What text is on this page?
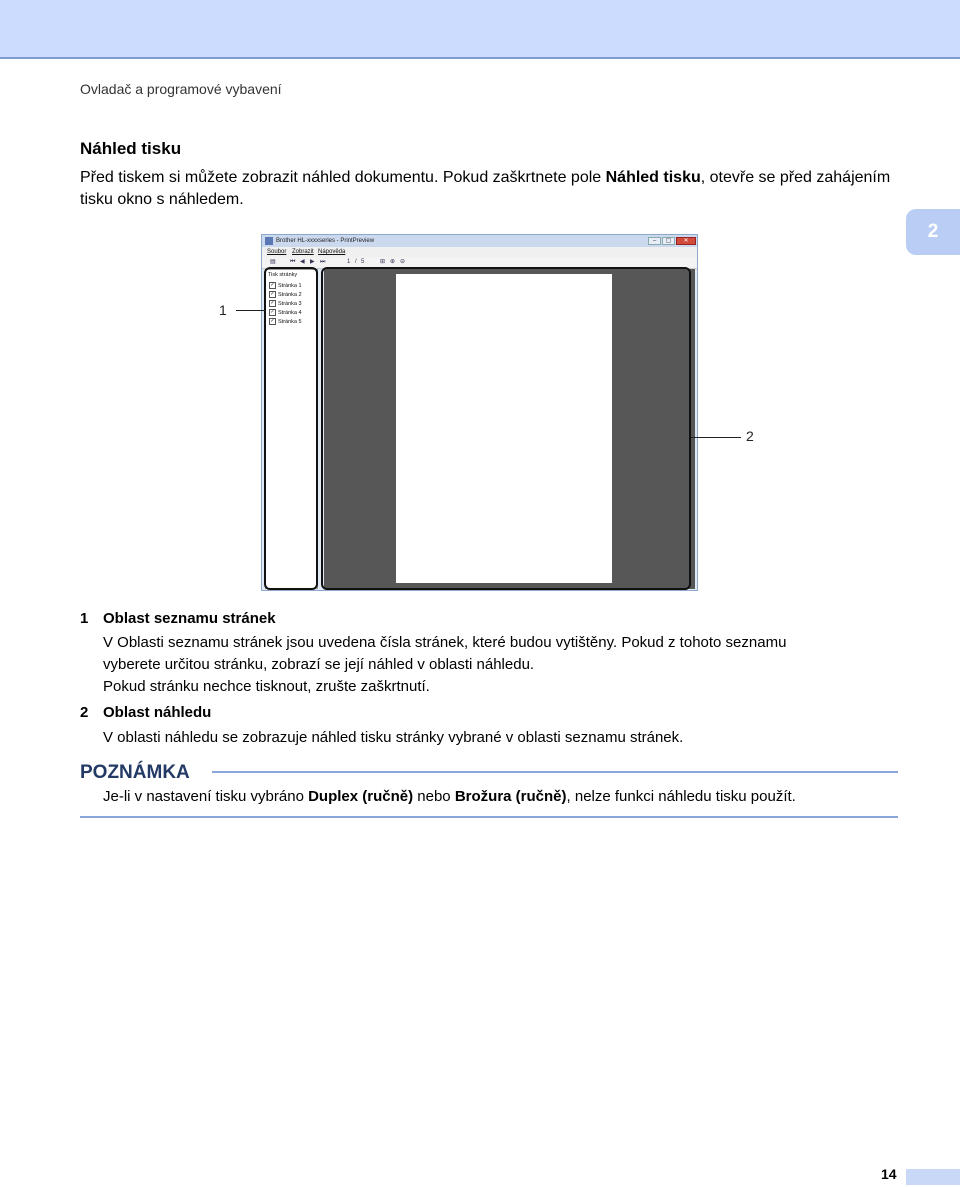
Ovladač a programové vybavení
2
Náhled tisku
Před tiskem si můžete zobrazit náhled dokumentu. Pokud zaškrtnete pole Náhled tisku, otevře se před zahájením tisku okno s náhledem.
Brother HL-xxxxseries - PrintPreview	–	▢	✕
Soubor Zobrazit Nápověda
▤ ⏮ ◀ ▶ ⏭	1 / 5	⊞ ⊕ ⊖
Tisk stránky
✓ Stránka 1
✓ Stránka 2
✓ Stránka 3
✓ Stránka 4
✓ Stránka 5
1
2
1 Oblast seznamu stránek
V Oblasti seznamu stránek jsou uvedena čísla stránek, které budou vytištěny. Pokud z tohoto seznamu
vyberete určitou stránku, zobrazí se její náhled v oblasti náhledu.
Pokud stránku nechce tisknout, zrušte zaškrtnutí.
2 Oblast náhledu
V oblasti náhledu se zobrazuje náhled tisku stránky vybrané v oblasti seznamu stránek.
POZNÁMKA
Je-li v nastavení tisku vybráno Duplex (ručně) nebo Brožura (ručně), nelze funkci náhledu tisku použít.
14
